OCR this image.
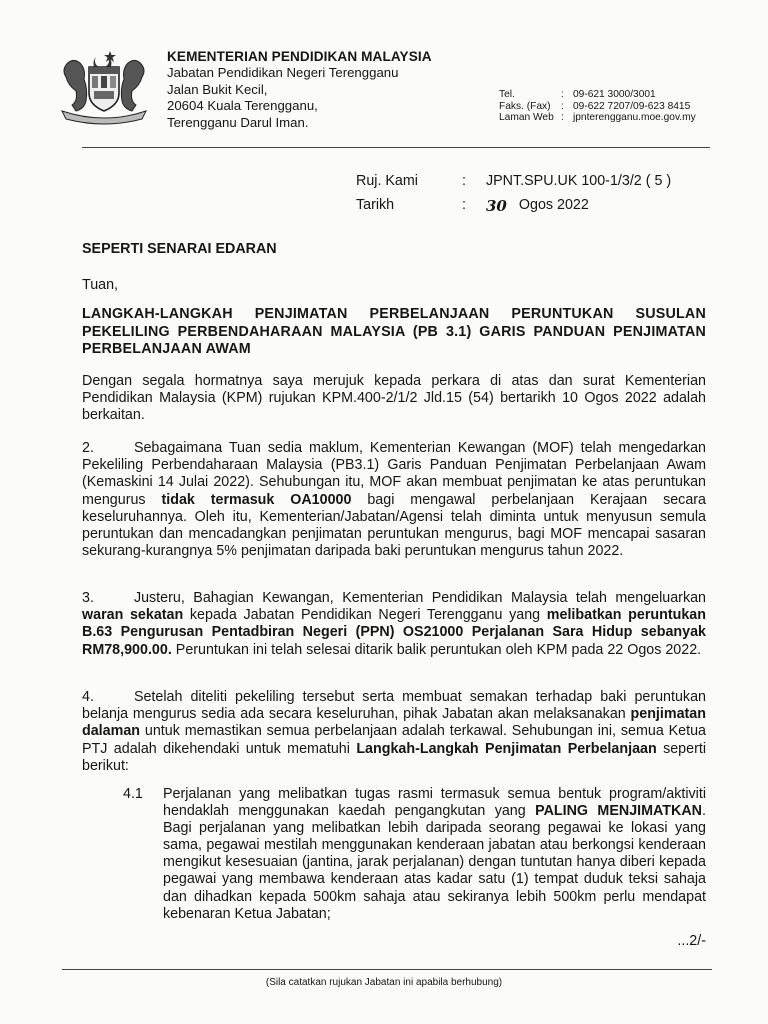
KEMENTERIAN PENDIDIKAN MALAYSIA
Jabatan Pendidikan Negeri Terengganu
Jalan Bukit Kecil,
20604 Kuala Terengganu,
Terengganu Darul Iman.
Tel.	: 09-621 3000/3001
Faks. (Fax)	: 09-622 7207/09-623 8415
Laman Web : jpnterengganu.moe.gov.my
Ruj. Kami	:	JPNT.SPU.UK 100-1/3/2 ( 5 )
Tarikh	:	30 Ogos 2022
SEPERTI SENARAI EDARAN
Tuan,
LANGKAH-LANGKAH PENJIMATAN PERBELANJAAN PERUNTUKAN SUSULAN PEKELILING PERBENDAHARAAN MALAYSIA (PB 3.1) GARIS PANDUAN PENJIMATAN PERBELANJAAN AWAM
Dengan segala hormatnya saya merujuk kepada perkara di atas dan surat Kementerian Pendidikan Malaysia (KPM) rujukan KPM.400-2/1/2 Jld.15 (54) bertarikh 10 Ogos 2022 adalah berkaitan.
2.	Sebagaimana Tuan sedia maklum, Kementerian Kewangan (MOF) telah mengedarkan Pekeliling Perbendaharaan Malaysia (PB3.1) Garis Panduan Penjimatan Perbelanjaan Awam (Kemaskini 14 Julai 2022). Sehubungan itu, MOF akan membuat penjimatan ke atas peruntukan mengurus tidak termasuk OA10000 bagi mengawal perbelanjaan Kerajaan secara keseluruhannya. Oleh itu, Kementerian/Jabatan/Agensi telah diminta untuk menyusun semula peruntukan dan mencadangkan penjimatan peruntukan mengurus, bagi MOF mencapai sasaran sekurang-kurangnya 5% penjimatan daripada baki peruntukan mengurus tahun 2022.
3.	Justeru, Bahagian Kewangan, Kementerian Pendidikan Malaysia telah mengeluarkan waran sekatan kepada Jabatan Pendidikan Negeri Terengganu yang melibatkan peruntukan B.63 Pengurusan Pentadbiran Negeri (PPN) OS21000 Perjalanan Sara Hidup sebanyak RM78,900.00. Peruntukan ini telah selesai ditarik balik peruntukan oleh KPM pada 22 Ogos 2022.
4.	Setelah diteliti pekeliling tersebut serta membuat semakan terhadap baki peruntukan belanja mengurus sedia ada secara keseluruhan, pihak Jabatan akan melaksanakan penjimatan dalaman untuk memastikan semua perbelanjaan adalah terkawal. Sehubungan ini, semua Ketua PTJ adalah dikehendaki untuk mematuhi Langkah-Langkah Penjimatan Perbelanjaan seperti berikut:
4.1 Perjalanan yang melibatkan tugas rasmi termasuk semua bentuk program/aktiviti hendaklah menggunakan kaedah pengangkutan yang PALING MENJIMATKAN. Bagi perjalanan yang melibatkan lebih daripada seorang pegawai ke lokasi yang sama, pegawai mestilah menggunakan kenderaan jabatan atau berkongsi kenderaan mengikut kesesuaian (jantina, jarak perjalanan) dengan tuntutan hanya diberi kepada pegawai yang membawa kenderaan atas kadar satu (1) tempat duduk teksi sahaja dan dihadkan kepada 500km sahaja atau sekiranya lebih 500km perlu mendapat kebenaran Ketua Jabatan;
...2/-
(Sila catatkan rujukan Jabatan ini apabila berhubung)
